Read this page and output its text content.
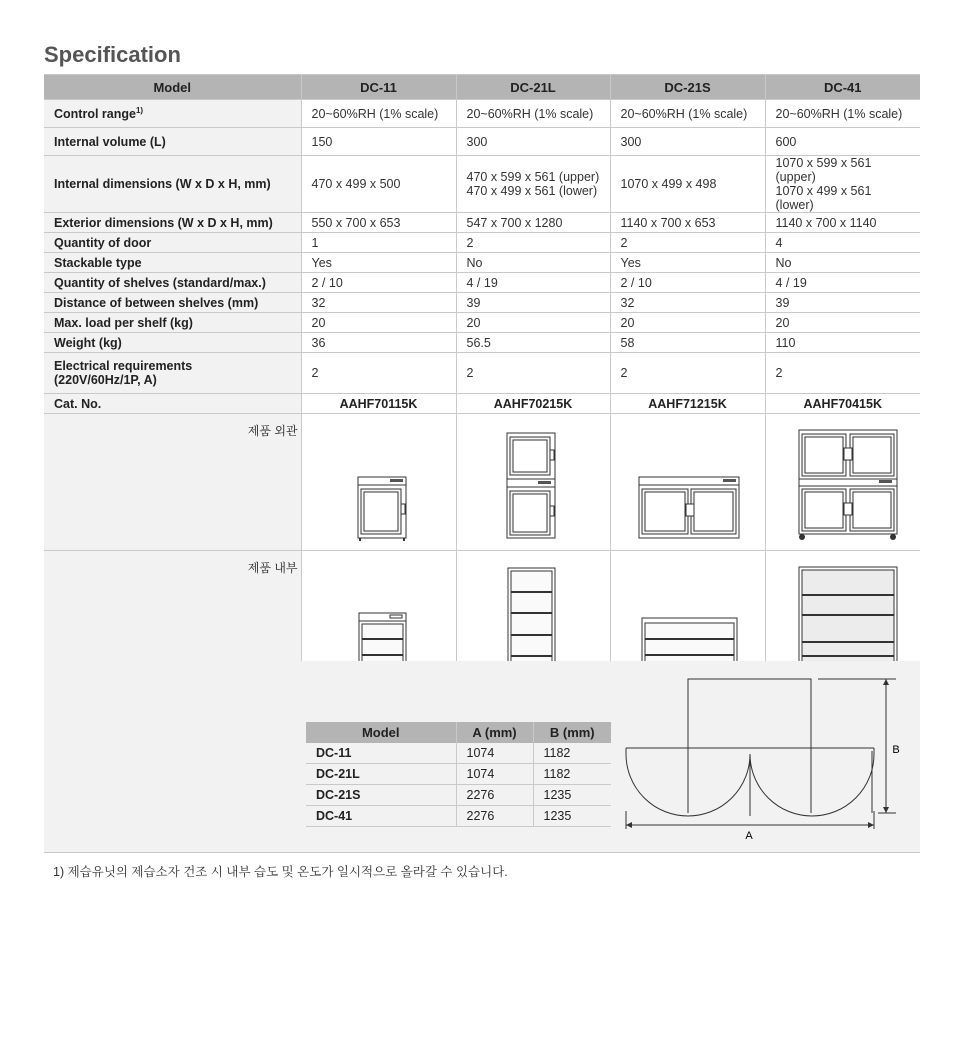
Specification
Model	DC-11	DC-21L	DC-21S	DC-41
Control range$^{1)}$	20~60%RH (1% scale)	20~60%RH (1% scale)	20~60%RH (1% scale)	20~60%RH (1% scale)
Internal volume (L)	150	300	300	600
Internal dimensions (W x D x H, mm)	470 x 499 x 500	470 x 599 x 561 (upper)
470 x 499 x 561 (lower)	1070 x 499 x 498	1070 x 599 x 561 (upper)
1070 x 499 x 561 (lower)
Exterior dimensions (W x D x H, mm)	550 x 700 x 653	547 x 700 x 1280	1140 x 700 x 653	1140 x 700 x 1140
Quantity of door	1	2	2	4
Stackable type	Yes	No	Yes	No
Quantity of shelves (standard/max.)	2 / 10	4 / 19	2 / 10	4 / 19
Distance of between shelves (mm)	32	39	32	39
Max. load per shelf (kg)	20	20	20	20
Weight (kg)	36	56.5	58	110
Electrical requirements
(220V/60Hz/1P, A)	2	2	2	2
Cat. No.	AAHF70115K	AAHF70215K	AAHF71215K	AAHF70415K
제품 외관	

제품 내부	

Model	A (mm)	B (mm)
DC-11	1074	1182
DC-21L	1074	1182
DC-21S	2276	1235
DC-41	2276	1235
A
B
1) 제습유닛의 제습소자 건조 시 내부 습도 및 온도가 일시적으로 올라갈 수 있습니다.
